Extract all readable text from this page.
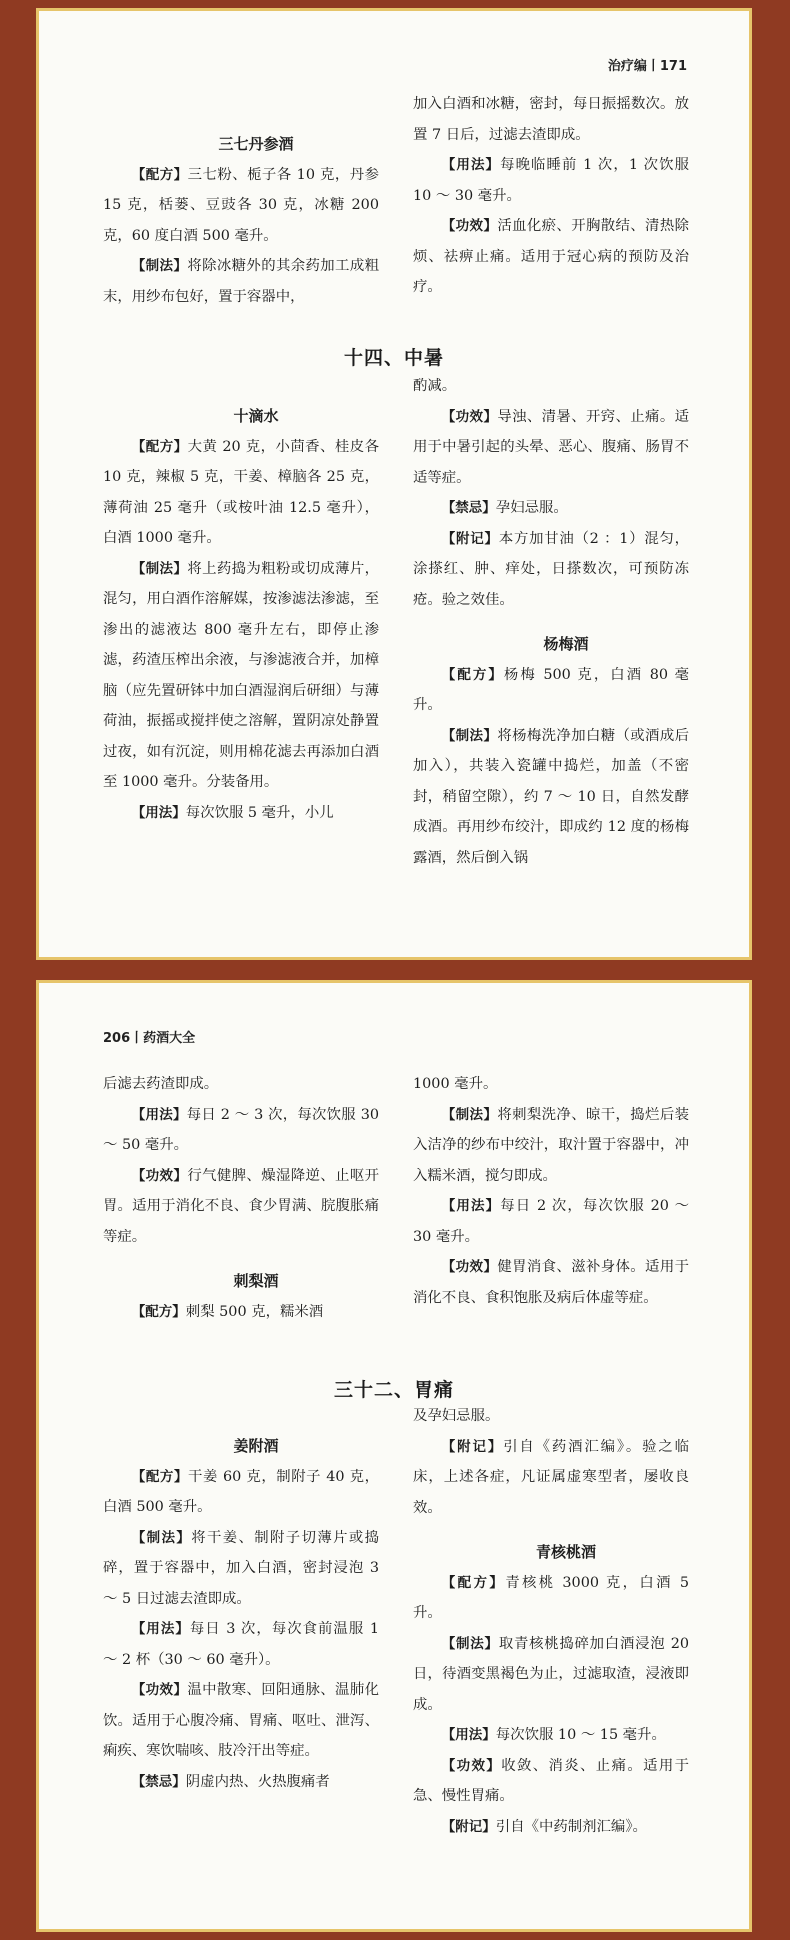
治疗编丨171

三七丹参酒

【配方】三七粉、栀子各 10 克，丹参 15 克，栝蒌、豆豉各 30 克，冰糖 200 克，60 度白酒 500 毫升。

【制法】将除冰糖外的其余药加工成粗末，用纱布包好，置于容器中，

加入白酒和冰糖，密封，每日振摇数次。放置 7 日后，过滤去渣即成。

【用法】每晚临睡前 1 次，1 次饮服 10 ～ 30 毫升。

【功效】活血化瘀、开胸散结、清热除烦、祛痹止痛。适用于冠心病的预防及治疗。

十四、中暑

十滴水

【配方】大黄 20 克，小茴香、桂皮各 10 克，辣椒 5 克，干姜、樟脑各 25 克，薄荷油 25 毫升（或桉叶油 12.5 毫升），白酒 1000 毫升。

【制法】将上药捣为粗粉或切成薄片，混匀，用白酒作溶解媒，按渗滤法渗滤，至渗出的滤液达 800 毫升左右，即停止渗滤，药渣压榨出余液，与渗滤液合并，加樟脑（应先置研钵中加白酒湿润后研细）与薄荷油，振摇或搅拌使之溶解，置阴凉处静置过夜，如有沉淀，则用棉花滤去再添加白酒至 1000 毫升。分装备用。

【用法】每次饮服 5 毫升，小儿

酌减。

【功效】导浊、清暑、开窍、止痛。适用于中暑引起的头晕、恶心、腹痛、肠胃不适等症。

【禁忌】孕妇忌服。

【附记】本方加甘油（2 ：1）混匀，涂搽红、肿、痒处，日搽数次，可预防冻疮。验之效佳。

杨梅酒

【配方】杨梅 500 克，白酒 80 毫升。

【制法】将杨梅洗净加白糖（或酒成后加入），共装入瓷罐中捣烂，加盖（不密封，稍留空隙），约 7 ～ 10 日，自然发酵成酒。再用纱布绞汁，即成约 12 度的杨梅露酒，然后倒入锅

206丨药酒大全

后滤去药渣即成。

【用法】每日 2 ～ 3 次，每次饮服 30 ～ 50 毫升。

【功效】行气健脾、燥湿降逆、止呕开胃。适用于消化不良、食少胃满、脘腹胀痛等症。

刺梨酒

【配方】刺梨 500 克，糯米酒

1000 毫升。

【制法】将刺梨洗净、晾干，捣烂后装入洁净的纱布中绞汁，取汁置于容器中，冲入糯米酒，搅匀即成。

【用法】每日 2 次，每次饮服 20 ～ 30 毫升。

【功效】健胃消食、滋补身体。适用于消化不良、食积饱胀及病后体虚等症。

三十二、胃痛

姜附酒

【配方】干姜 60 克，制附子 40 克，白酒 500 毫升。

【制法】将干姜、制附子切薄片或捣碎，置于容器中，加入白酒，密封浸泡 3 ～ 5 日过滤去渣即成。

【用法】每日 3 次，每次食前温服 1 ～ 2 杯（30 ～ 60 毫升）。

【功效】温中散寒、回阳通脉、温肺化饮。适用于心腹冷痛、胃痛、呕吐、泄泻、痢疾、寒饮喘咳、肢冷汗出等症。

【禁忌】阴虚内热、火热腹痛者

及孕妇忌服。

【附记】引自《药酒汇编》。验之临床，上述各症，凡证属虚寒型者，屡收良效。

青核桃酒

【配方】青核桃 3000 克，白酒 5 升。

【制法】取青核桃捣碎加白酒浸泡 20 日，待酒变黑褐色为止，过滤取渣，浸液即成。

【用法】每次饮服 10 ～ 15 毫升。

【功效】收敛、消炎、止痛。适用于急、慢性胃痛。

【附记】引自《中药制剂汇编》。
